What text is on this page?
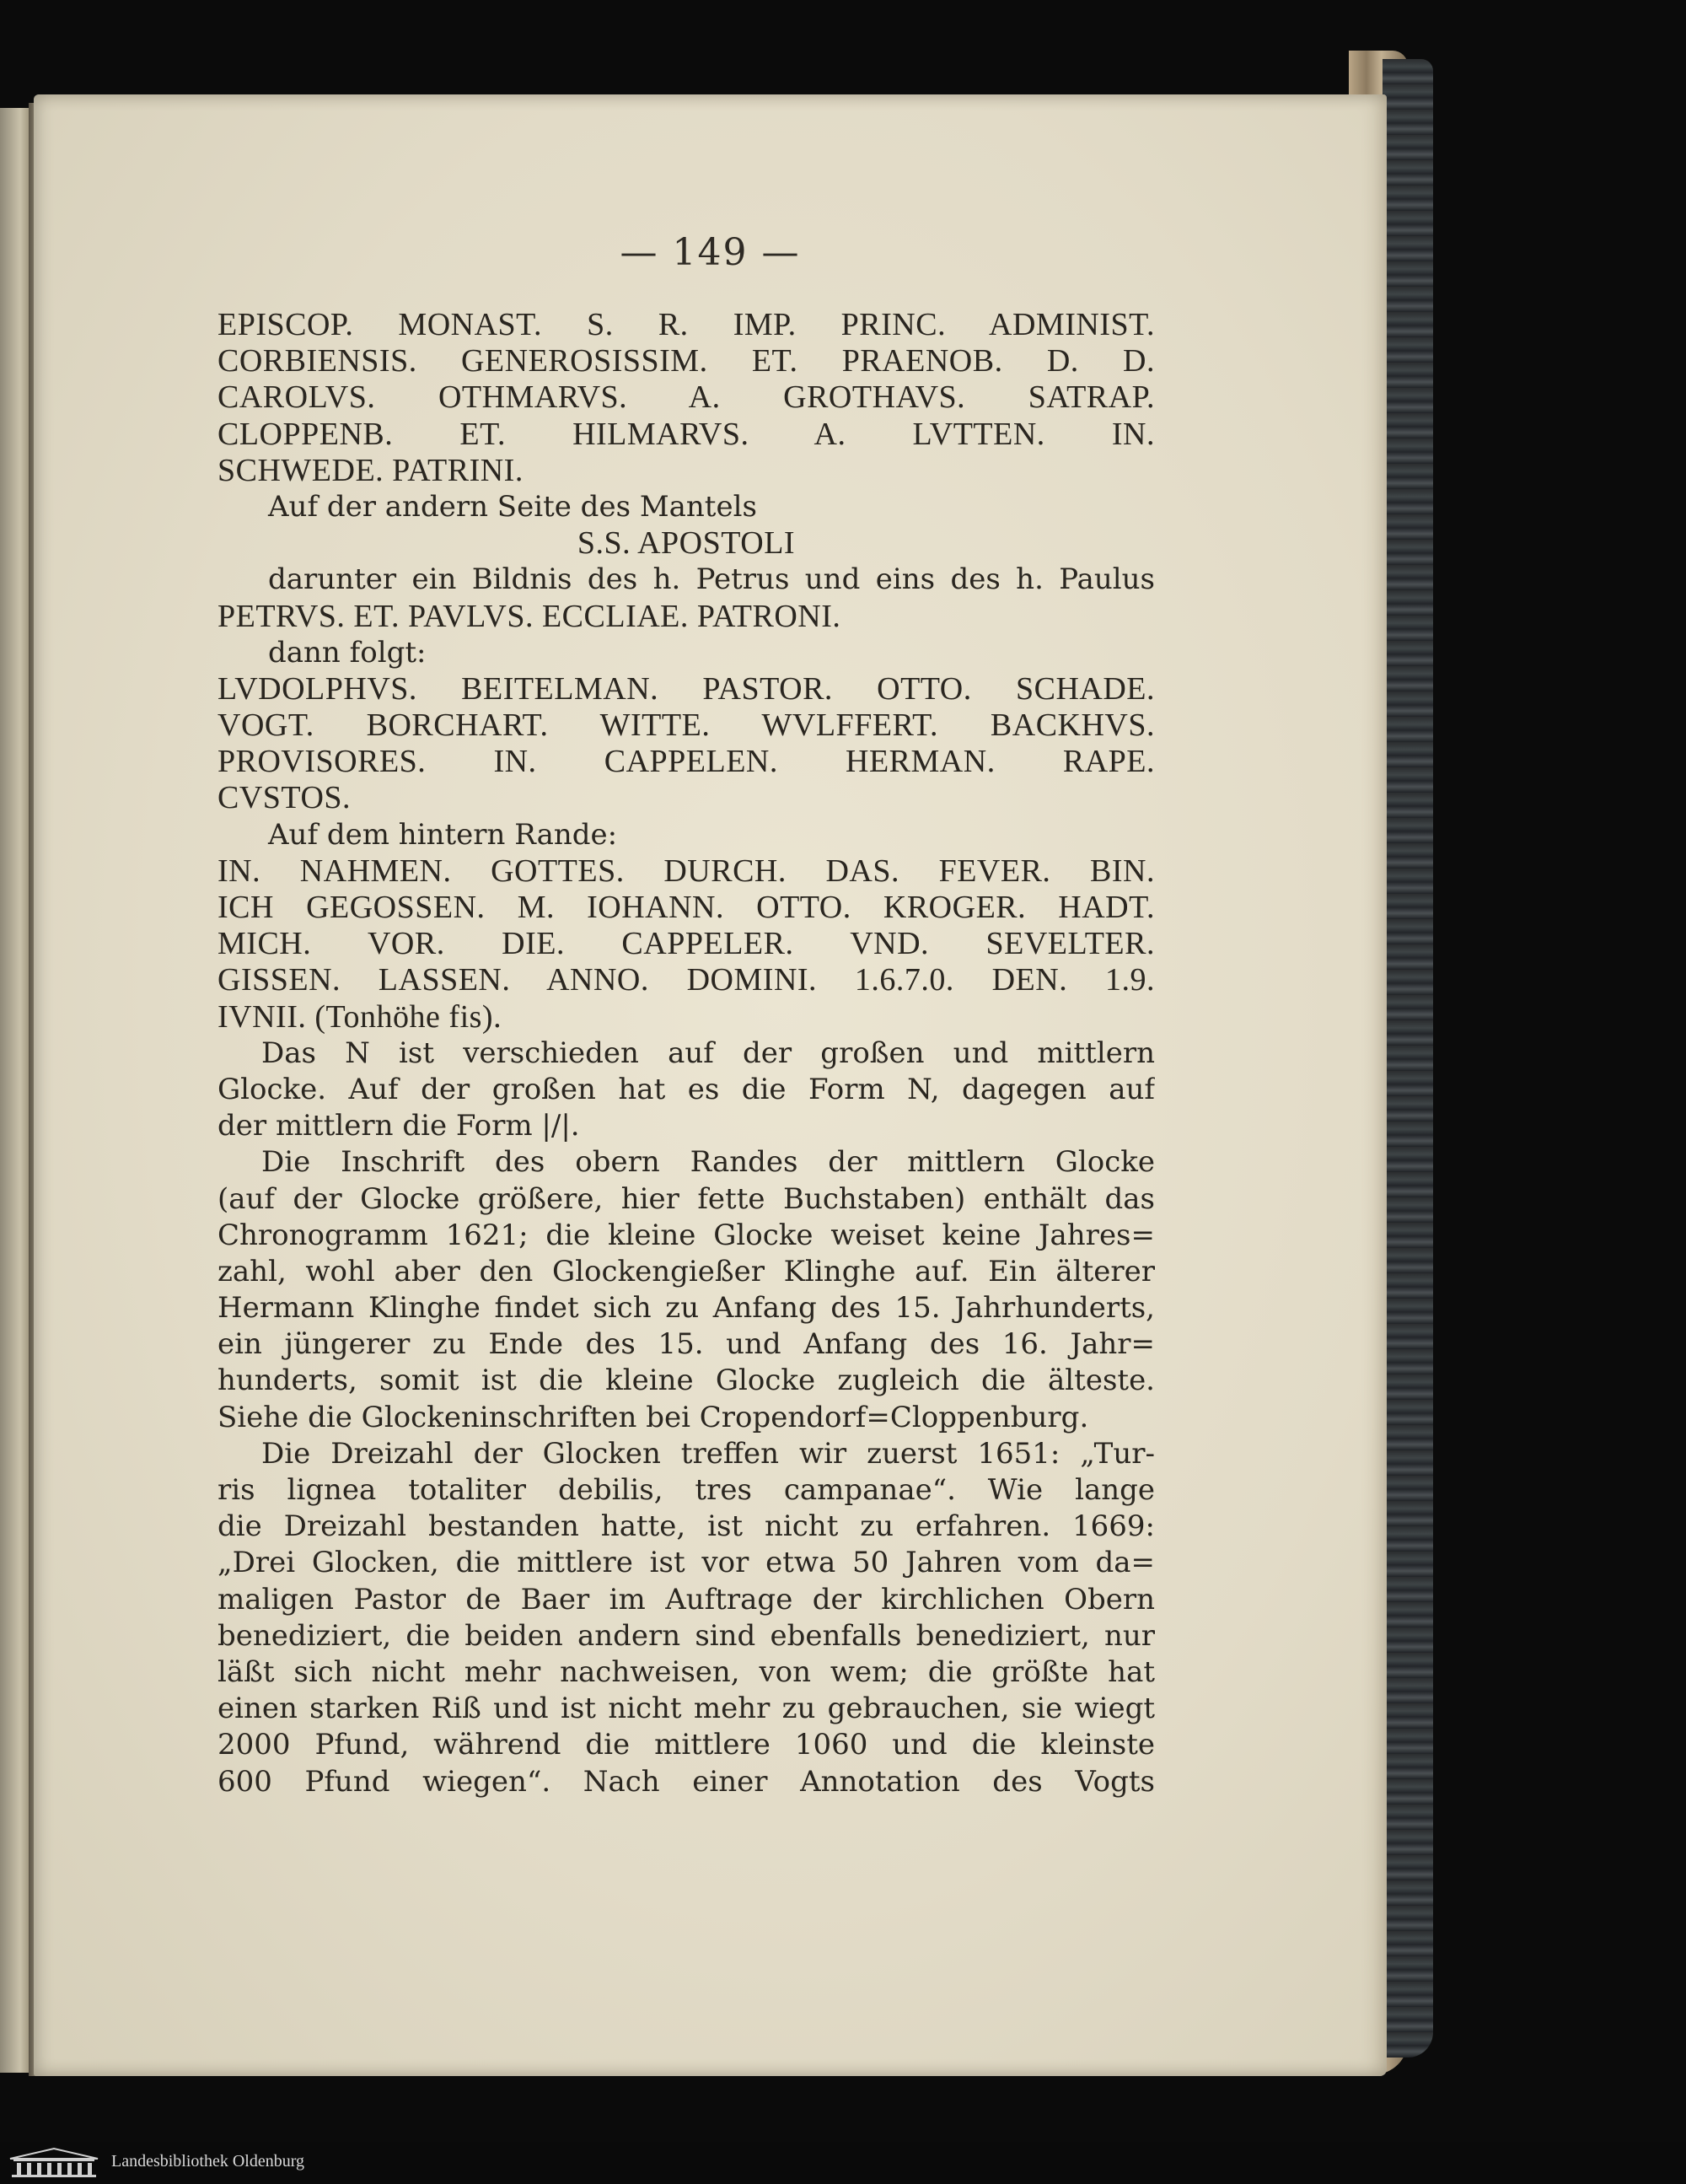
— 149 —
EPISCOP. MONAST. S. R. IMP. PRINC. ADMINIST.
CORBIENSIS. GENEROSISSIM. ET. PRAENOB. D. D.
CAROLVS. OTHMARVS. A. GROTHAVS. SATRAP.
CLOPPENB. ET. HILMARVS. A. LVTTEN. IN.
SCHWEDE. PATRINI.
Auf der andern Seite des Mantels
S.S. APOSTOLI
darunter ein Bildnis des h. Petrus und eins des h. Paulus
PETRVS. ET. PAVLVS. ECCLIAE. PATRONI.
dann folgt:
LVDOLPHVS. BEITELMAN. PASTOR. OTTO. SCHADE.
VOGT. BORCHART. WITTE. WVLFFERT. BACKHVS.
PROVISORES. IN. CAPPELEN. HERMAN. RAPE.
CVSTOS.
Auf dem hintern Rande:
IN. NAHMEN. GOTTES. DURCH. DAS. FEVER. BIN.
ICH GEGOSSEN. M. IOHANN. OTTO. KROGER. HADT.
MICH. VOR. DIE. CAPPELER. VND. SEVELTER.
GISSEN. LASSEN. ANNO. DOMINI. 1.6.7.0. DEN. 1.9.
IVNII. (Tonhöhe fis).
Das N ist verschieden auf der großen und mittlern
Glocke. Auf der großen hat es die Form N, dagegen auf
der mittlern die Form |/|.
Die Inschrift des obern Randes der mittlern Glocke
(auf der Glocke größere, hier fette Buchstaben) enthält das
Chronogramm 1621; die kleine Glocke weiset keine Jahres=
zahl, wohl aber den Glockengießer Klinghe auf. Ein älterer
Hermann Klinghe findet sich zu Anfang des 15. Jahrhunderts,
ein jüngerer zu Ende des 15. und Anfang des 16. Jahr=
hunderts, somit ist die kleine Glocke zugleich die älteste.
Siehe die Glockeninschriften bei Cropendorf=Cloppenburg.
Die Dreizahl der Glocken treffen wir zuerst 1651: „Tur-
ris lignea totaliter debilis, tres campanae“. Wie lange
die Dreizahl bestanden hatte, ist nicht zu erfahren. 1669:
„Drei Glocken, die mittlere ist vor etwa 50 Jahren vom da=
maligen Pastor de Baer im Auftrage der kirchlichen Obern
benediziert, die beiden andern sind ebenfalls benediziert, nur
läßt sich nicht mehr nachweisen, von wem; die größte hat
einen starken Riß und ist nicht mehr zu gebrauchen, sie wiegt
2000 Pfund, während die mittlere 1060 und die kleinste
600 Pfund wiegen“. Nach einer Annotation des Vogts
Landesbibliothek Oldenburg
